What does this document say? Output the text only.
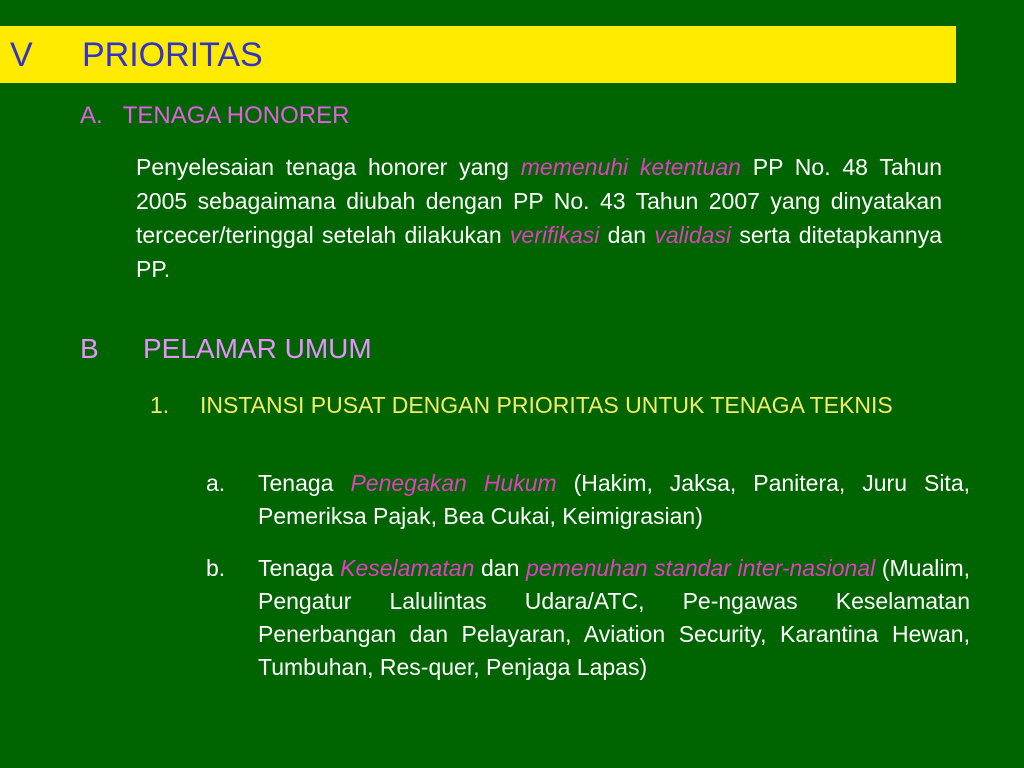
V PRIORITAS
A. TENAGA HONORER
Penyelesaian tenaga honorer yang memenuhi ketentuan PP No. 48 Tahun 2005 sebagaimana diubah dengan PP No. 43 Tahun 2007 yang dinyatakan tercecer/teringgal setelah dilakukan verifikasi dan validasi serta ditetapkannya PP.
B PELAMAR UMUM
1. INSTANSI PUSAT DENGAN PRIORITAS UNTUK TENAGA TEKNIS
a. Tenaga Penegakan Hukum (Hakim, Jaksa, Panitera, Juru Sita, Pemeriksa Pajak, Bea Cukai, Keimigrasian)
b. Tenaga Keselamatan dan pemenuhan standar inter-nasional (Mualim, Pengatur Lalulintas Udara/ATC, Pe-ngawas Keselamatan Penerbangan dan Pelayaran, Aviation Security, Karantina Hewan, Tumbuhan, Res-quer, Penjaga Lapas)
